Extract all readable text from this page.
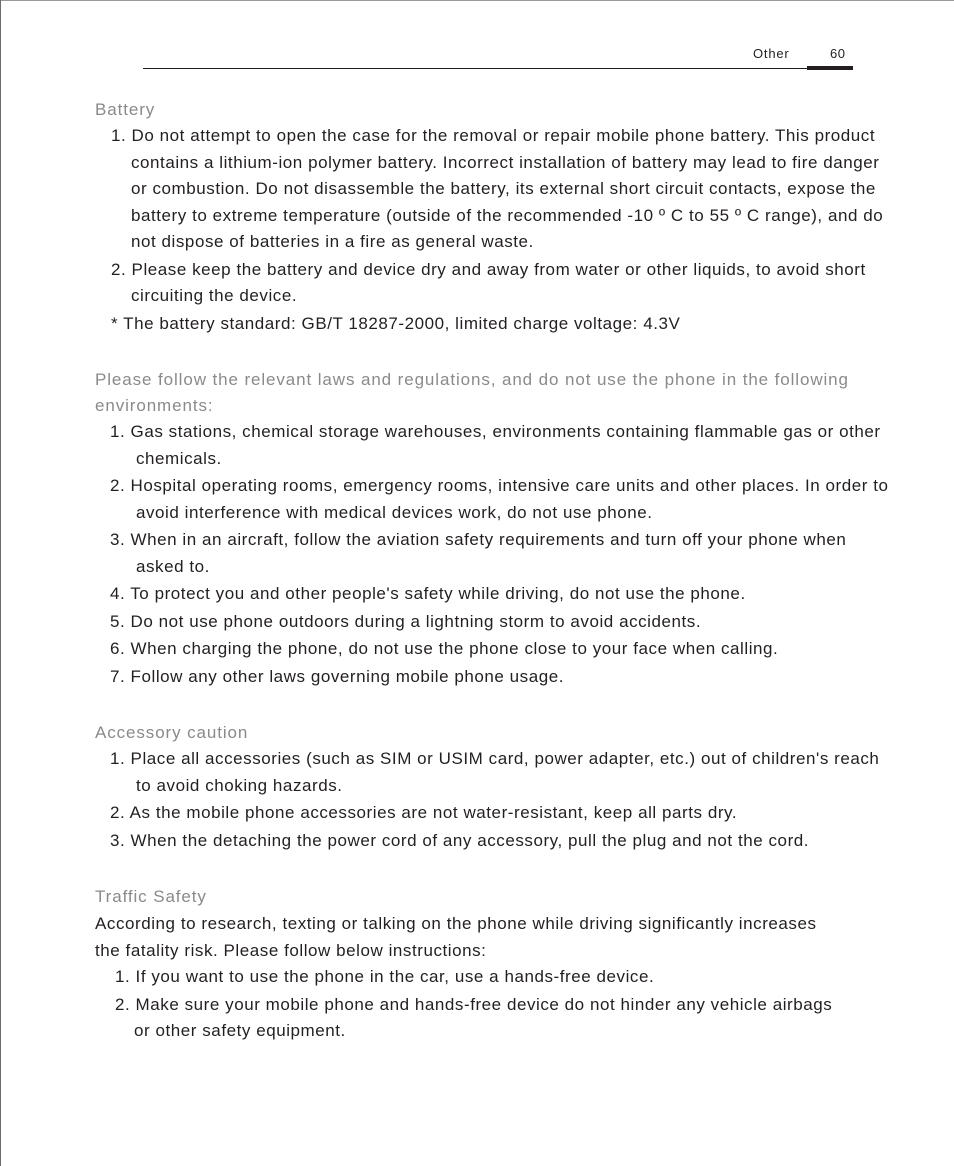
Other	60

Battery

1. Do not attempt to open the case for the removal or repair mobile phone battery. This product contains a lithium-ion polymer battery. Incorrect installation of battery may lead to fire danger or combustion. Do not disassemble the battery, its external short circuit contacts, expose the battery to extreme temperature (outside of the recommended -10 º C to 55 º C range), and do not dispose of batteries in a fire as general waste.

2. Please keep the battery and device dry and away from water or other liquids, to avoid short circuiting the device.

* The battery standard: GB/T 18287-2000, limited charge voltage: 4.3V

Please follow the relevant laws and regulations, and do not use the phone in the following environments:

1. Gas stations, chemical storage warehouses, environments containing flammable gas or other chemicals.

2. Hospital operating rooms, emergency rooms, intensive care units and other places. In order to avoid interference with medical devices work, do not use phone.

3. When in an aircraft, follow the aviation safety requirements and turn off your phone when asked to.

4. To protect you and other people's safety while driving, do not use the phone.

5. Do not use phone outdoors during a lightning storm to avoid accidents.

6. When charging the phone, do not use the phone close to your face when calling.

7. Follow any other laws governing mobile phone usage.

Accessory caution

1. Place all accessories (such as SIM or USIM card, power adapter, etc.) out of children's reach to avoid choking hazards.

2. As the mobile phone accessories are not water-resistant, keep all parts dry.

3. When the detaching the power cord of any accessory, pull the plug and not the cord.

Traffic Safety

According to research, texting or talking on the phone while driving significantly increases the fatality risk. Please follow below instructions:

1. If you want to use the phone in the car, use a hands-free device.

2. Make sure your mobile phone and hands-free device do not hinder any vehicle airbags or other safety equipment.
